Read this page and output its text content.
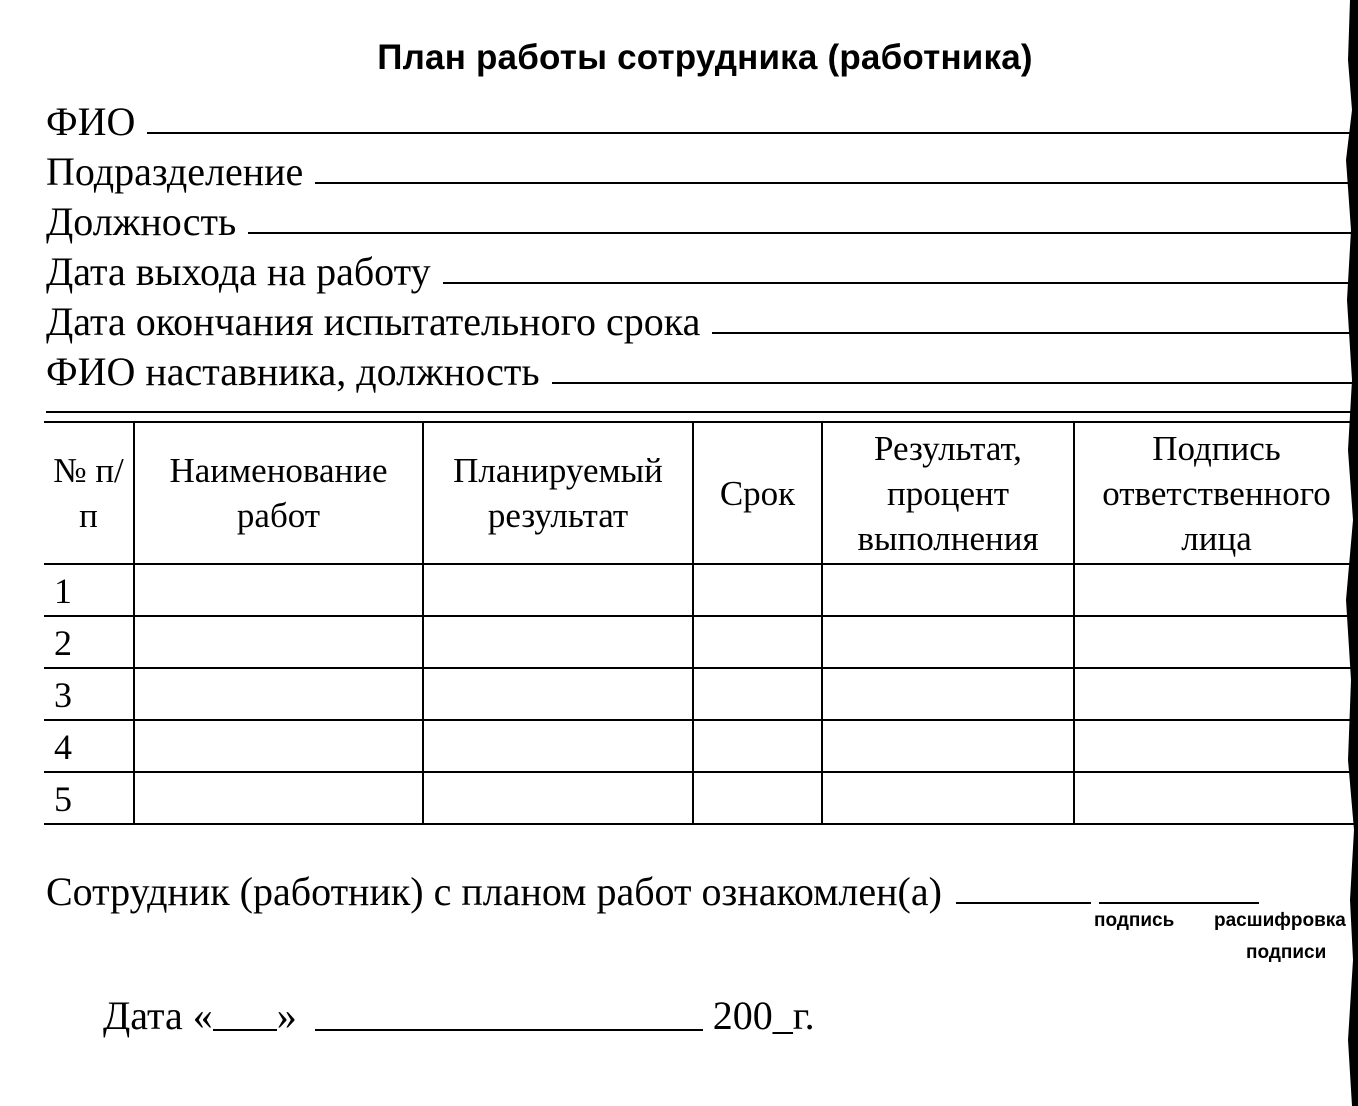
План работы сотрудника (работника)
ФИО
Подразделение
Должность
Дата выхода на работу
Дата окончания испытательного срока
ФИО наставника, должность
№ п/п	Наименование работ	Планируемый результат	Срок	Результат, процент выполнения	Подпись ответственного лица
1					
2					
3					
4					
5					
Сотрудник (работник) с планом работ ознакомлен(а)
подпись расшифровка
подписи
Дата « »	200_г.
